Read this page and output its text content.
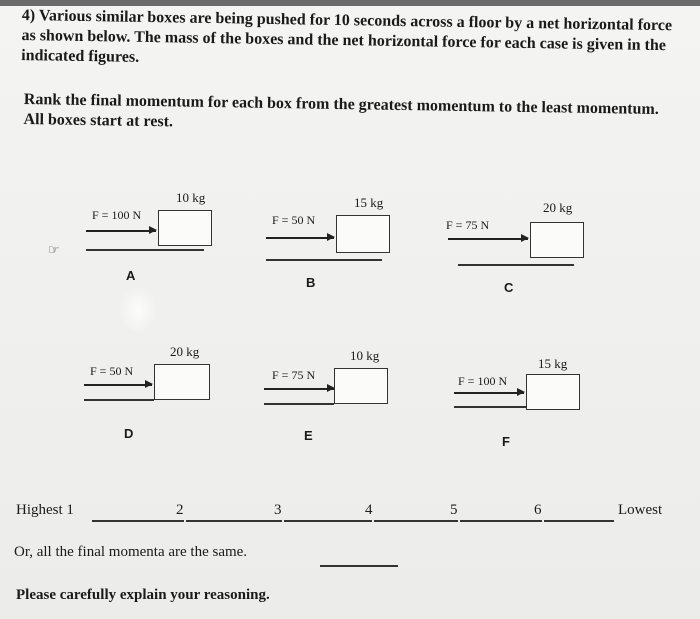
4) Various similar boxes are being pushed for 10 seconds across a floor by a net horizontal force as shown below. The mass of the boxes and the net horizontal force for each case is given in the indicated figures.
Rank the final momentum for each box from the greatest momentum to the least momentum. All boxes start at rest.
☞
10 kg
F = 100 N
A
15 kg
F = 50 N
B
20 kg
F = 75 N
C
20 kg
F = 50 N
D
10 kg
F = 75 N
E
15 kg
F = 100 N
F
Highest 1	2	3	4	5	6	Lowest
Or, all the final momenta are the same.
Please carefully explain your reasoning.
